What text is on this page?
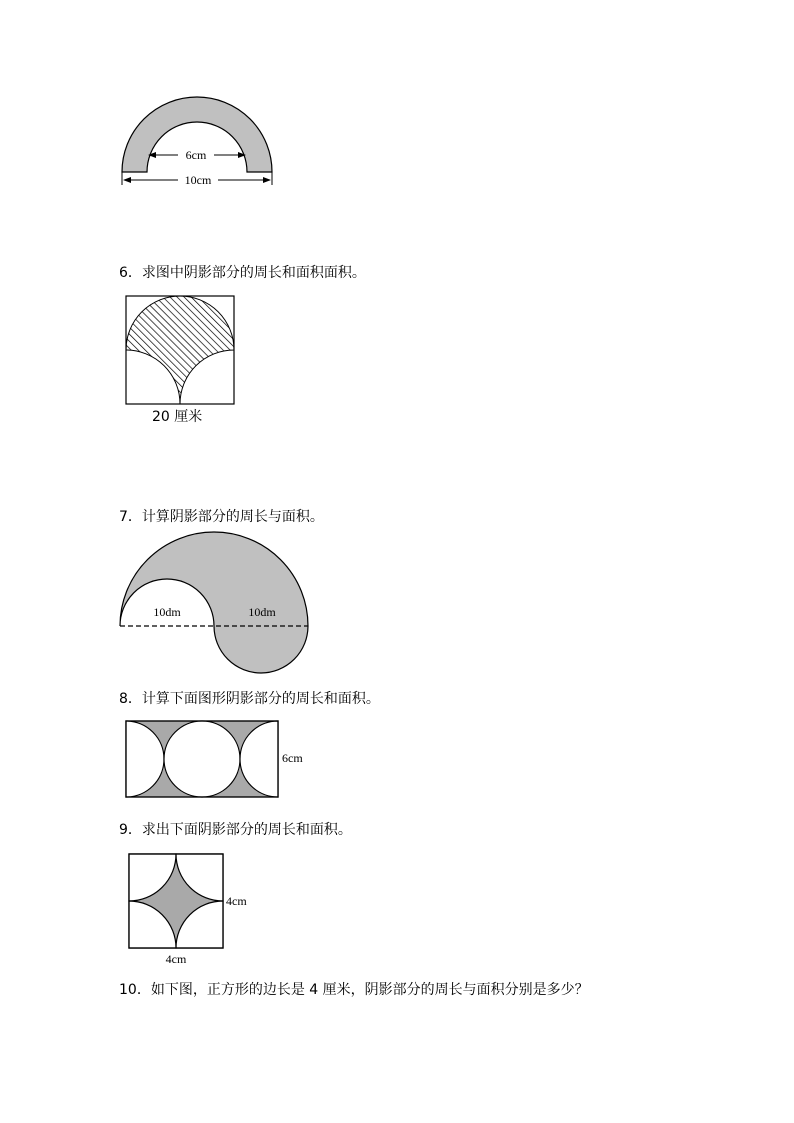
6cm
10cm
6．求图中阴影部分的周长和面积面积。
20 厘米
7．计算阴影部分的周长与面积。
10dm	10dm
8．计算下面图形阴影部分的周长和面积。
6cm
9．求出下面阴影部分的周长和面积。
4cm
4cm
10．如下图，正方形的边长是 4 厘米，阴影部分的周长与面积分别是多少？
